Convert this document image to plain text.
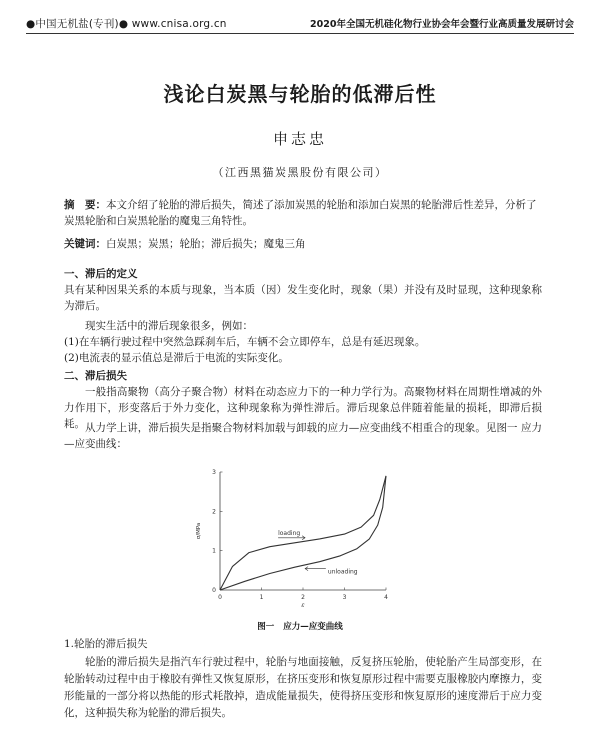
●中国无机盐(专刊)● www.cnisa.org.cn	2020年全国无机硅化物行业协会年会暨行业高质量发展研讨会
浅论白炭黑与轮胎的低滞后性
申志忠
（江西黑猫炭黑股份有限公司）
摘　要：本文介绍了轮胎的滞后损失，简述了添加炭黑的轮胎和添加白炭黑的轮胎滞后性差异，分析了炭黑轮胎和白炭黑轮胎的魔鬼三角特性。
关键词：白炭黑；炭黑；轮胎；滞后损失；魔鬼三角
一、滞后的定义
具有某种因果关系的本质与现象，当本质（因）发生变化时，现象（果）并没有及时显现，这种现象称为滞后。
现实生活中的滞后现象很多，例如：
(1)在车辆行驶过程中突然急踩刹车后，车辆不会立即停车，总是有延迟现象。
(2)电流表的显示值总是滞后于电流的实际变化。
二、滞后损失
一般指高聚物（高分子聚合物）材料在动态应力下的一种力学行为。高聚物材料在周期性增减的外力作用下，形变落后于外力变化，这种现象称为弹性滞后。滞后现象总伴随着能量的损耗，即滞后损耗。 从力学上讲，滞后损失是指聚合物材料加载与卸载的应力—应变曲线不相重合的现象。见图一 应力—应变曲线：
0	1	2	3	4
0
1
2
3
ε
σ/MPa	loading
unloading
图一 应力—应变曲线
1.轮胎的滞后损失
轮胎的滞后损失是指汽车行驶过程中，轮胎与地面接触，反复挤压轮胎，使轮胎产生局部变形，在轮胎转动过程中由于橡胶有弹性又恢复原形，在挤压变形和恢复原形过程中需要克服橡胶内摩擦力，变形能量的一部分将以热能的形式耗散掉，造成能量损失，使得挤压变形和恢复原形的速度滞后于应力变化，这种损失称为轮胎的滞后损失。
